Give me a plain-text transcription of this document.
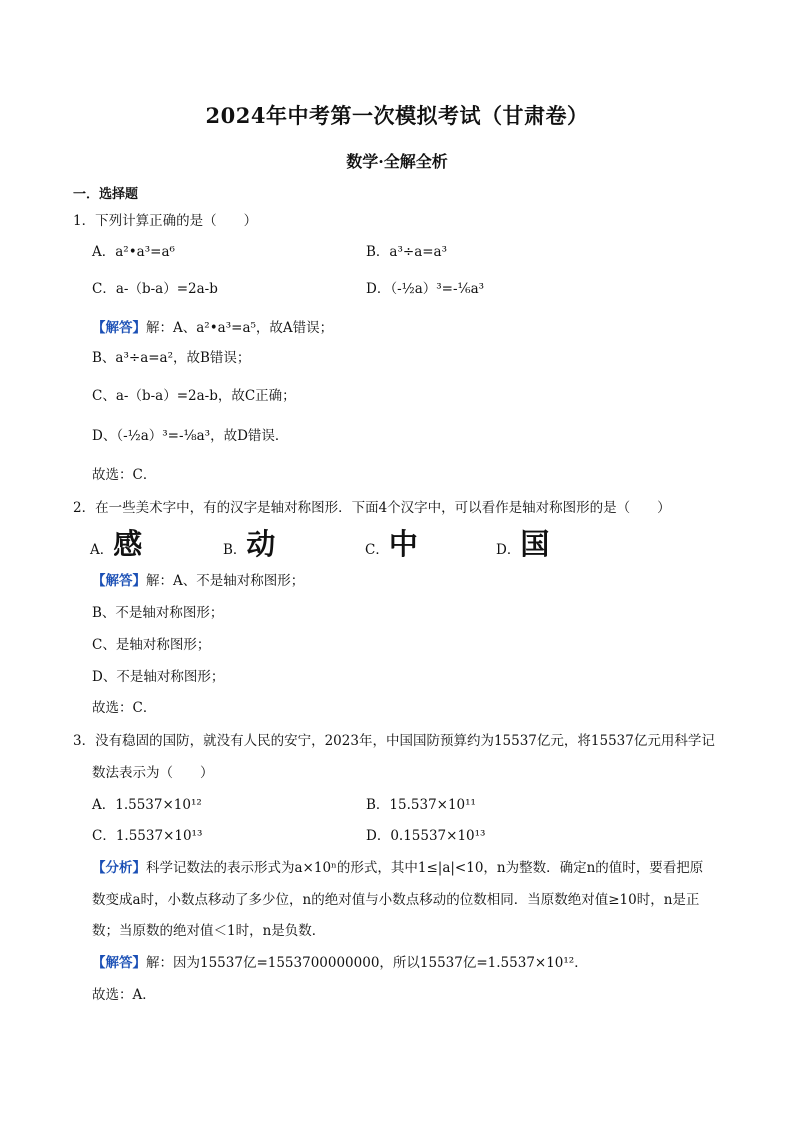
2024年中考第一次模拟考试（甘肃卷）
数学·全解全析
一．选择题
1．下列计算正确的是（　　）
A．a²•a³=a⁶	B．a³÷a=a³
C．a-（b-a）=2a-b	D．（-½a）³=-⅙a³
【解答】解：A、a²•a³=a⁵，故A错误；
B、a³÷a=a²，故B错误；
C、a-（b-a）=2a-b，故C正确；
D、（-½a）³=-⅛a³，故D错误．
故选：C．
2．在一些美术字中，有的汉字是轴对称图形．下面4个汉字中，可以看作是轴对称图形的是（　　）
A．感	B．动	C．中	D．国
【解答】解：A、不是轴对称图形；
B、不是轴对称图形；
C、是轴对称图形；
D、不是轴对称图形；
故选：C．
3．没有稳固的国防，就没有人民的安宁，2023年，中国国防预算约为15537亿元，将15537亿元用科学记
数法表示为（　　）
A．1.5537×10¹²	B．15.537×10¹¹
C．1.5537×10¹³	D．0.15537×10¹³
【分析】科学记数法的表示形式为a×10ⁿ的形式，其中1≤|a|<10，n为整数．确定n的值时，要看把原
数变成a时，小数点移动了多少位，n的绝对值与小数点移动的位数相同．当原数绝对值≥10时，n是正
数；当原数的绝对值＜1时，n是负数．
【解答】解：因为15537亿=1553700000000，所以15537亿=1.5537×10¹²．
故选：A．
